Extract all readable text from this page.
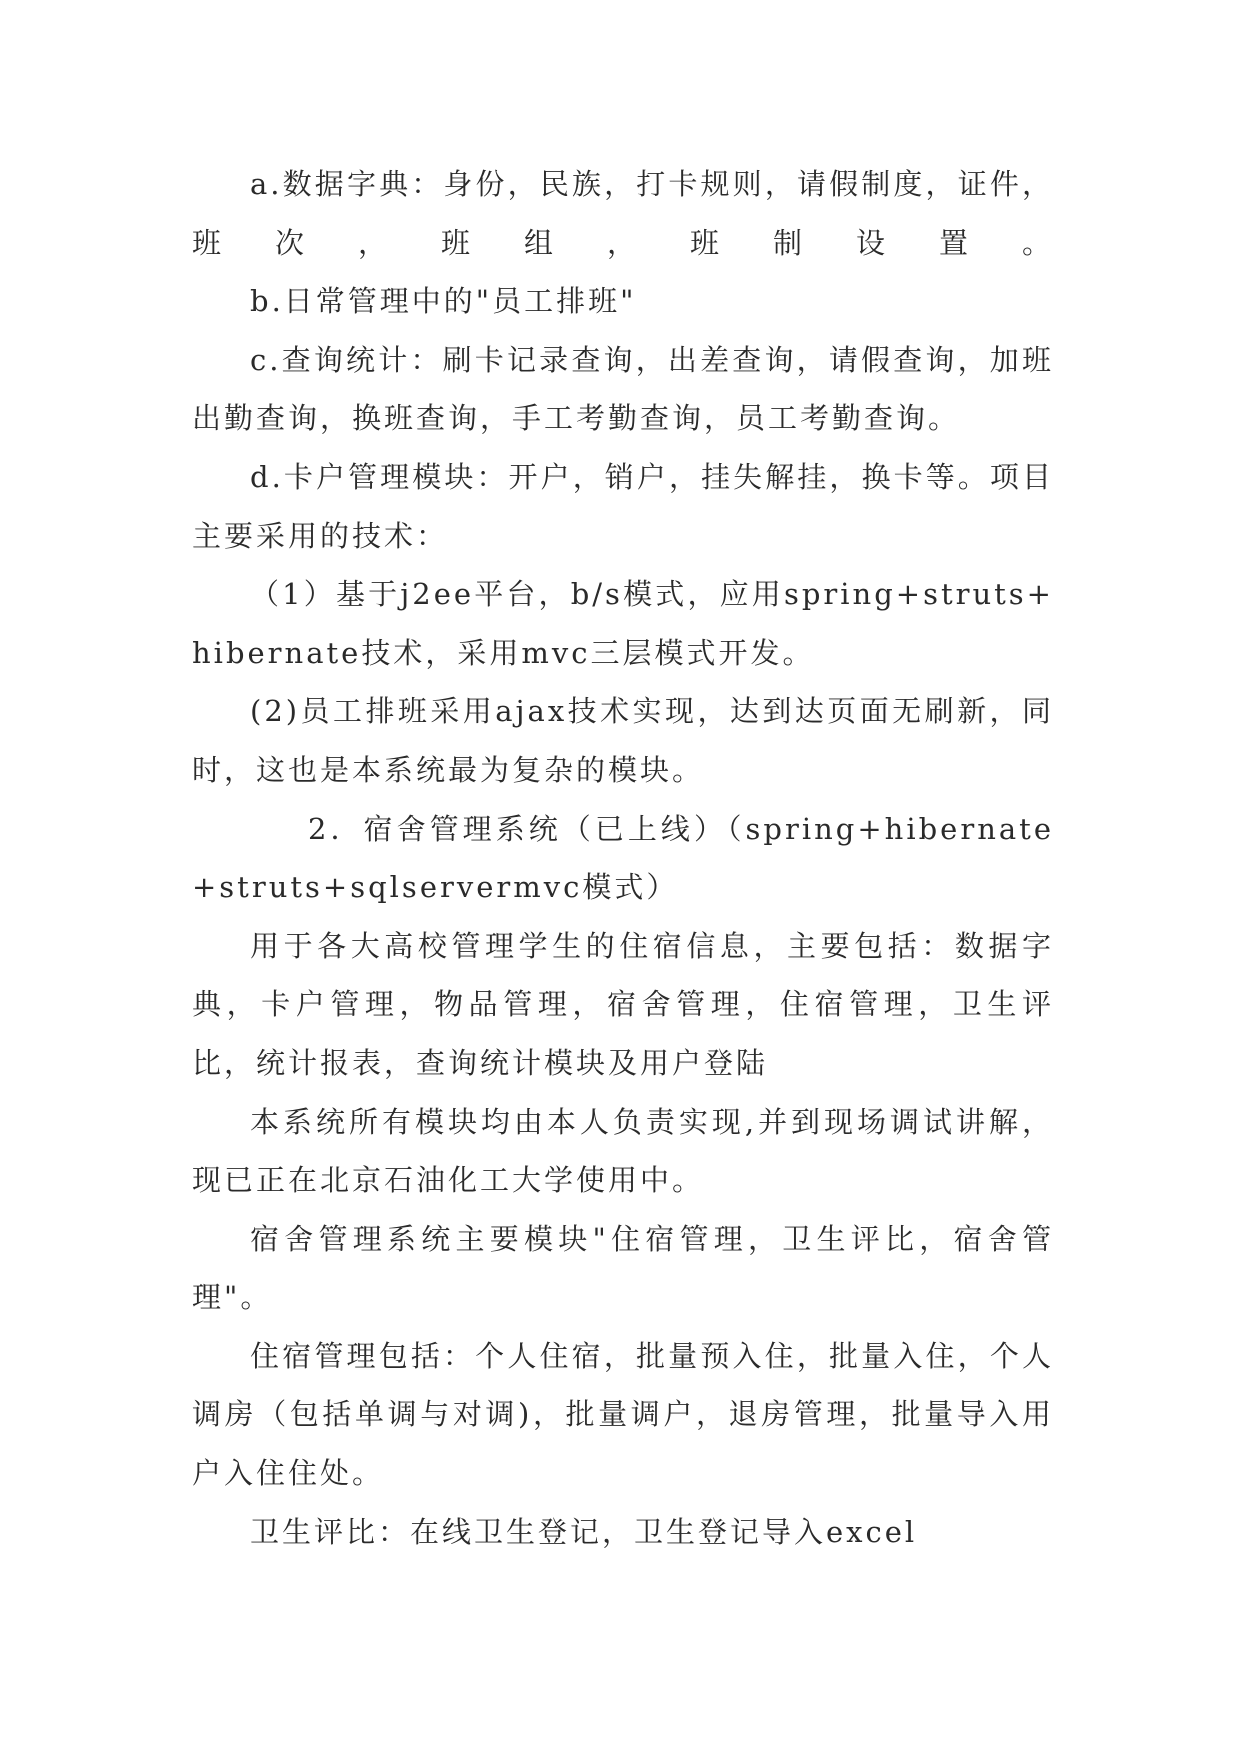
a.数据字典：身份，民族，打卡规则，请假制度，证件，班次，班组，班制设置。

b.日常管理中的"员工排班"

c.查询统计：刷卡记录查询，出差查询，请假查询，加班出勤查询，换班查询，手工考勤查询，员工考勤查询。

d.卡户管理模块：开户，销户，挂失解挂，换卡等。项目主要采用的技术：

（1）基于j2ee平台，b/s模式，应用spring+struts+hibernate技术，采用mvc三层模式开发。

(2)员工排班采用ajax技术实现，达到达页面无刷新，同时，这也是本系统最为复杂的模块。

2．宿舍管理系统（已上线）（spring+hibernate+struts+sqlservermvc模式）

用于各大高校管理学生的住宿信息，主要包括：数据字典，卡户管理，物品管理，宿舍管理，住宿管理，卫生评比，统计报表，查询统计模块及用户登陆

本系统所有模块均由本人负责实现,并到现场调试讲解，现已正在北京石油化工大学使用中。

宿舍管理系统主要模块"住宿管理，卫生评比，宿舍管理"。

住宿管理包括：个人住宿，批量预入住，批量入住，个人调房（包括单调与对调)，批量调户，退房管理，批量导入用户入住住处。

卫生评比：在线卫生登记，卫生登记导入excel
